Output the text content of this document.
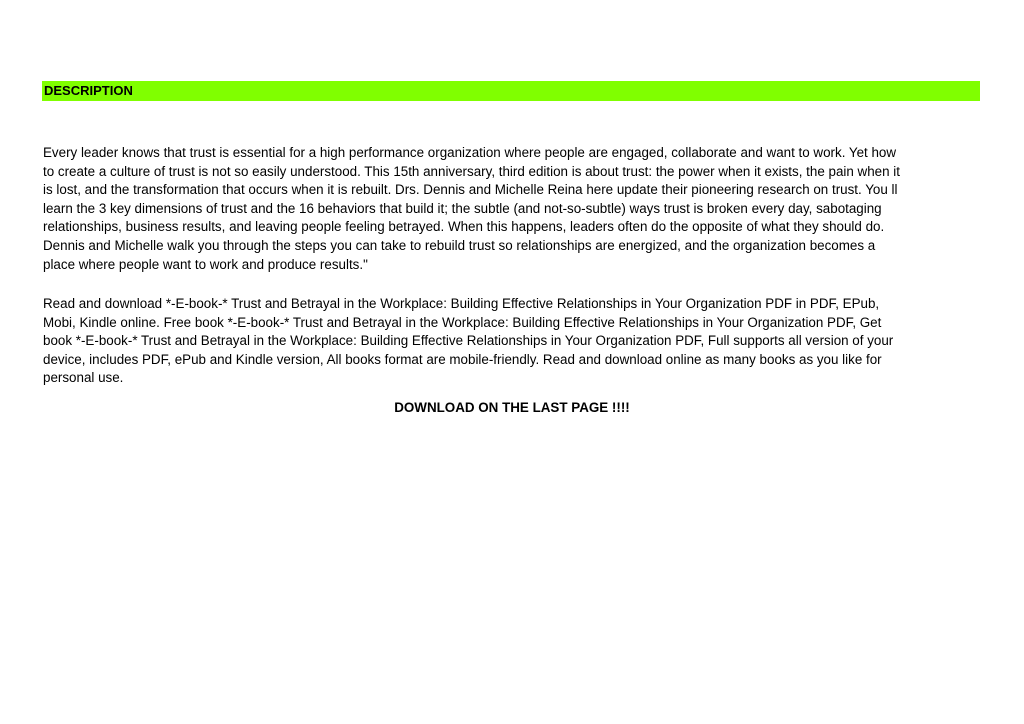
DESCRIPTION
Every leader knows that trust is essential for a high performance organization where people are engaged, collaborate and want to work. Yet how
to create a culture of trust is not so easily understood. This 15th anniversary, third edition is about trust: the power when it exists, the pain when it
is lost, and the transformation that occurs when it is rebuilt. Drs. Dennis and Michelle Reina here update their pioneering research on trust. You ll
learn the 3 key dimensions of trust and the 16 behaviors that build it; the subtle (and not-so-subtle) ways trust is broken every day, sabotaging
relationships, business results, and leaving people feeling betrayed. When this happens, leaders often do the opposite of what they should do.
Dennis and Michelle walk you through the steps you can take to rebuild trust so relationships are energized, and the organization becomes a
place where people want to work and produce results."
Read and download *-E-book-* Trust and Betrayal in the Workplace: Building Effective Relationships in Your Organization PDF in PDF, EPub,
Mobi, Kindle online. Free book *-E-book-* Trust and Betrayal in the Workplace: Building Effective Relationships in Your Organization PDF, Get
book *-E-book-* Trust and Betrayal in the Workplace: Building Effective Relationships in Your Organization PDF, Full supports all version of your
device, includes PDF, ePub and Kindle version, All books format are mobile-friendly. Read and download online as many books as you like for
personal use.
DOWNLOAD ON THE LAST PAGE !!!!
